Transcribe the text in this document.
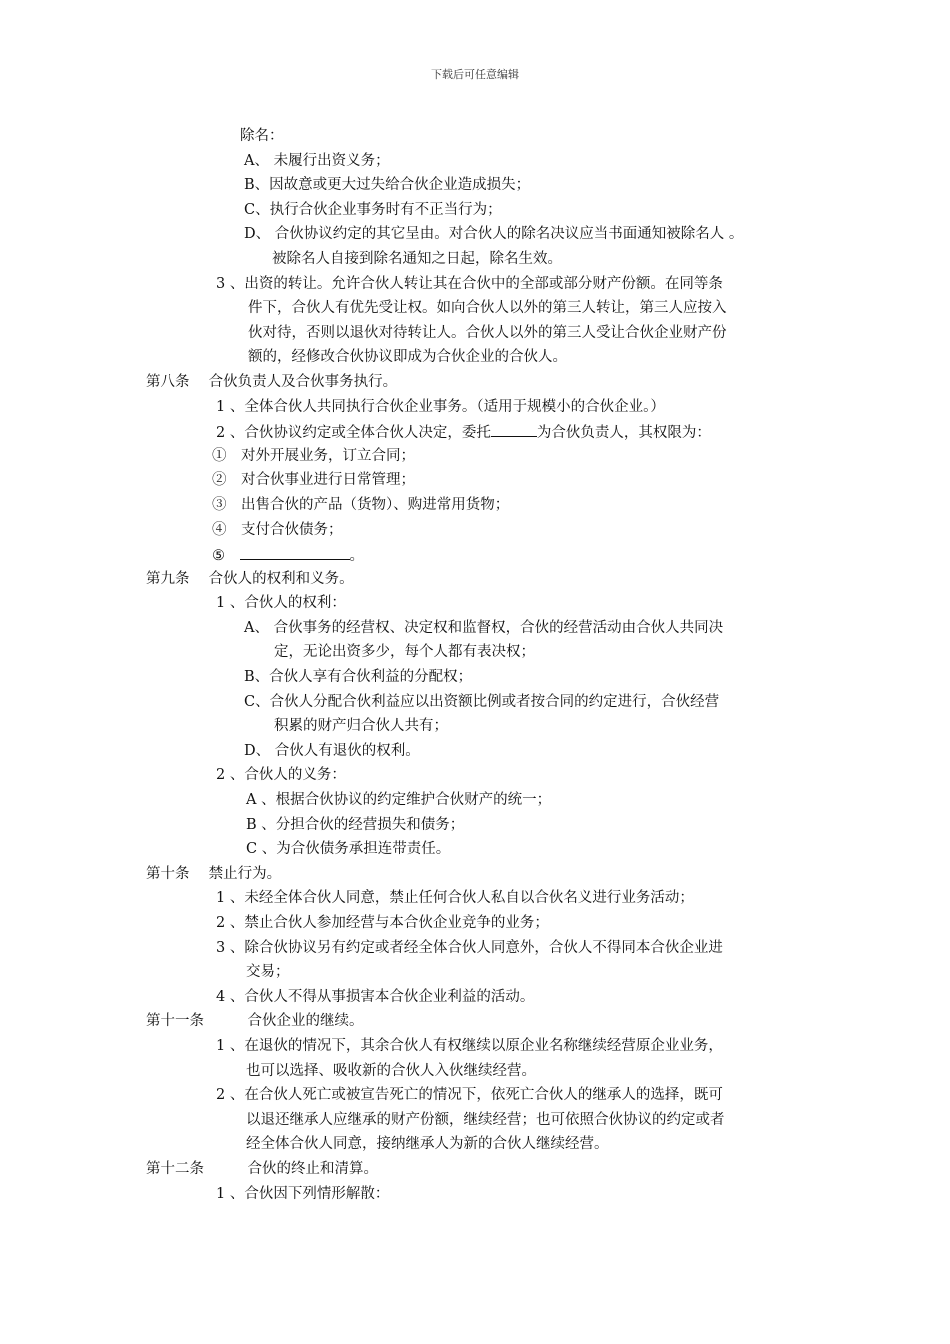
下载后可任意编辑
除名：
A、 未履行出资义务；
B、因故意或更大过失给合伙企业造成损失；
C、执行合伙企业事务时有不正当行为；
D、 合伙协议约定的其它呈由。对合伙人的除名决议应当书面通知被除名人 。
被除名人自接到除名通知之日起，除名生效。
3 、出资的转让。允许合伙人转让其在合伙中的全部或部分财产份额。在同等条
件下，合伙人有优先受让权。如向合伙人以外的第三人转让，第三人应按入
伙对待，否则以退伙对待转让人。合伙人以外的第三人受让合伙企业财产份
额的，经修改合伙协议即成为合伙企业的合伙人。
第八条　 合伙负责人及合伙事务执行。
1 、全体合伙人共同执行合伙企业事务。（适用于规模小的合伙企业。）
2 、合伙协议约定或全体合伙人决定，委托	为合伙负责人，其权限为：
①　对外开展业务，订立合同；
②　对合伙事业进行日常管理；
③　出售合伙的产品（货物）、购进常用货物；
④　支付合伙债务；
⑤　	。
第九条　 合伙人的权利和义务。
1 、合伙人的权利：
A、 合伙事务的经营权、决定权和监督权，合伙的经营活动由合伙人共同决
定，无论出资多少，每个人都有表决权；
B、合伙人享有合伙利益的分配权；
C、合伙人分配合伙利益应以出资额比例或者按合同的约定进行，合伙经营
积累的财产归合伙人共有；
D、 合伙人有退伙的权利。
2 、合伙人的义务：
A 、根据合伙协议的约定维护合伙财产的统一；
B 、分担合伙的经营损失和债务；
C 、为合伙债务承担连带责任。
第十条　 禁止行为。
1 、未经全体合伙人同意，禁止任何合伙人私自以合伙名义进行业务活动；
2 、禁止合伙人参加经营与本合伙企业竞争的业务；
3 、除合伙协议另有约定或者经全体合伙人同意外，合伙人不得同本合伙企业进
交易；
4 、合伙人不得从事损害本合伙企业利益的活动。
第十一条　　　合伙企业的继续。
1 、在退伙的情况下，其余合伙人有权继续以原企业名称继续经营原企业业务，
也可以选择、吸收新的合伙人入伙继续经营。
2 、在合伙人死亡或被宣告死亡的情况下，依死亡合伙人的继承人的选择，既可
以退还继承人应继承的财产份额，继续经营；也可依照合伙协议的约定或者
经全体合伙人同意，接纳继承人为新的合伙人继续经营。
第十二条　　　合伙的终止和清算。
1 、合伙因下列情形解散：
